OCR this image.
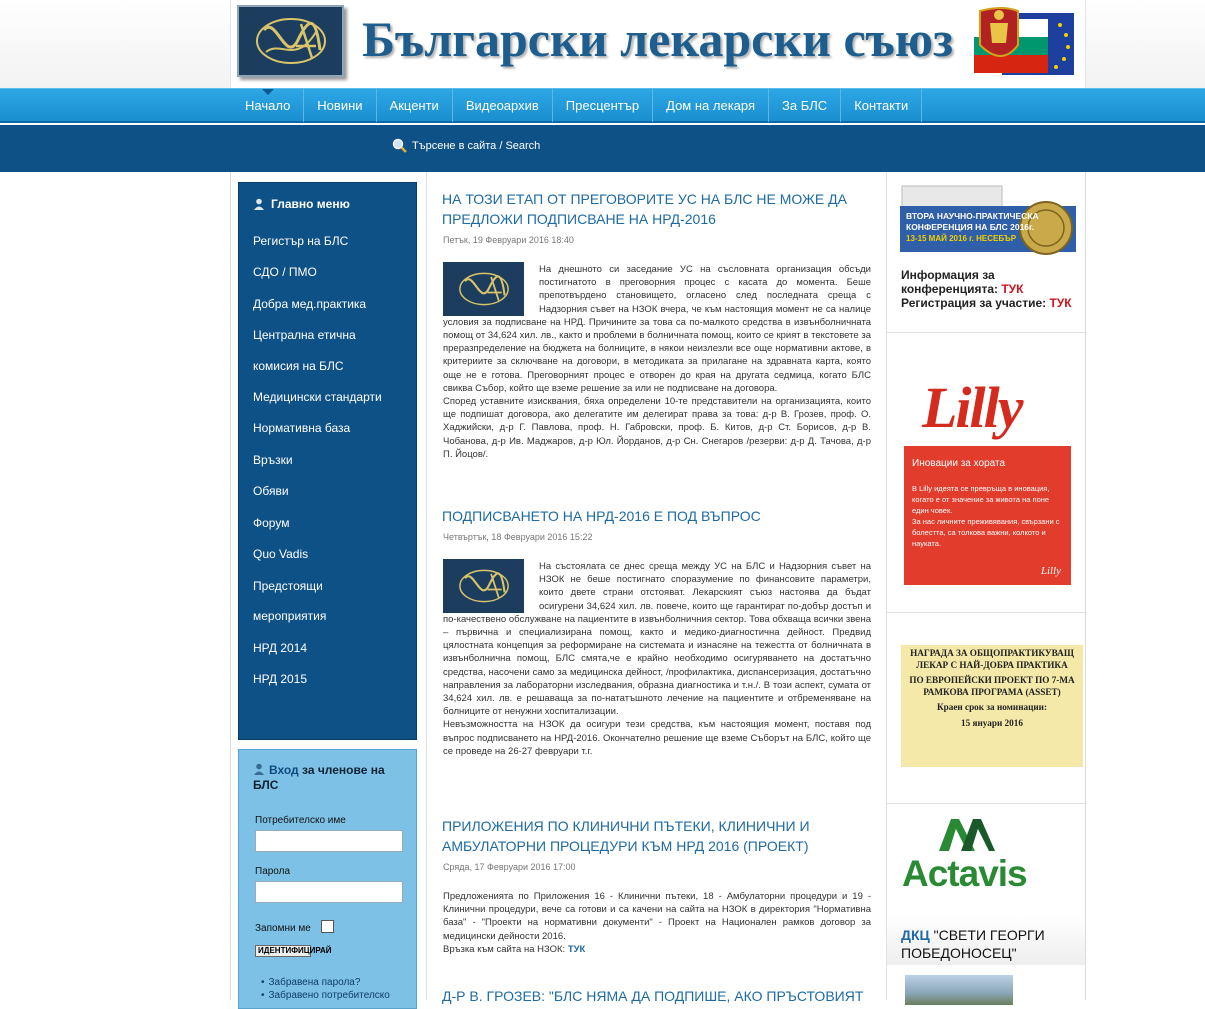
Български лекарски съюз
Начало	Новини	Акценти	Видеоархив	Пресцентър	Дом на лекаря	За БЛС	Контакти
Търсене в сайта / Search
Главно меню
Регистър на БЛС
СДО / ПМО
Добра мед.практика
Централна етична
комисия на БЛС
Медицински стандарти
Нормативна база
Връзки
Обяви
Форум
Quo Vadis
Предстоящи
мероприятия
НРД 2014
НРД 2015
Вход за членове на БЛС
Потребителско име
Парола
Запомни ме
ИДЕНТИФИЦИРАЙ
• Забравена парола?
• Забравено потребителско
НА ТОЗИ ЕТАП ОТ ПРЕГОВОРИТЕ УС НА БЛС НЕ МОЖЕ ДА ПРЕДЛОЖИ ПОДПИСВАНЕ НА НРД-2016
Петък, 19 Февруари 2016 18:40
На днешното си заседание УС на съсловната организация обсъди постигнатото в преговорния процес с касата до момента. Беше препотвърдено становището, огласено след последната среща с Надзорния съвет на НЗОК вчера, че към настоящия момент не са налице условия за подписване на НРД. Причините за това са по-малкото средства в извънболничната помощ от 34,624 хил. лв., както и проблеми в болничната помощ, които се крият в текстовете за преразпределение на бюджета на болниците, в някои неизлезли все още нормативни актове, в критериите за сключване на договори, в методиката за прилагане на здравната карта, която още не е готова. Преговорният процес е отворен до края на другата седмица, когато БЛС свиква Събор, който ще вземе решение за или не подписване на договора.
Според уставните изисквания, бяха определени 10-те представители на организацията, които ще подпишат договора, ако делегатите им делегират права за това: д-р В. Грозев, проф. О. Хаджийски, д-р Г. Павлова, проф. Н. Габровски, проф. Б. Китов, д-р Ст. Борисов, д-р В. Чобанова, д-р Ив. Маджаров, д-р Юл. Йорданов, д-р Сн. Снегаров /резерви: д-р Д. Тачова, д-р П. Йоцов/.
ПОДПИСВАНЕТО НА НРД-2016 Е ПОД ВЪПРОС
Четвъртък, 18 Февруари 2016 15:22
На състоялата се днес среща между УС на БЛС и Надзорния съвет на НЗОК не беше постигнато споразумение по финансовите параметри, които двете страни отстояват. Лекарският съюз настоява да бъдат осигурени 34,624 хил. лв. повече, които ще гарантират по-добър достъп и по-качествено обслужване на пациентите в извънболничния сектор. Това обхваща всички звена – първична и специализирана помощ, както и медико-диагностична дейност. Предвид цялостната концепция за реформиране на системата и изнасяне на тежестта от болничната в извънболнична помощ, БЛС смята,че е крайно необходимо осигуряването на достатъчно средства, насочени само за медицинска дейност, /профилактика, диспансеризация, достатъчно направления за лабораторни изследвания, образна диагностика и т.н./. В този аспект, сумата от 34,624 хил. лв. е решаваща за по-нататъшното лечение на пациентите и отбременяване на болниците от ненужни хоспитализации.
Невъзможността на НЗОК да осигури тези средства, към настоящия момент, поставя под въпрос подписването на НРД-2016. Окончателно решение ще вземе Съборът на БЛС, който ще се проведе на 26-27 февруари т.г.
ПРИЛОЖЕНИЯ ПО КЛИНИЧНИ ПЪТЕКИ, КЛИНИЧНИ И АМБУЛАТОРНИ ПРОЦЕДУРИ КЪМ НРД 2016 (ПРОЕКТ)
Сряда, 17 Февруари 2016 17:00
Предложенията по Приложения 16 - Клинични пътеки, 18 - Амбулаторни процедури и 19 - Клинични процедури, вече са готови и са качени на сайта на НЗОК в директория "Нормативна база" - "Проекти на нормативни документи" - Проект на Национален рамков договор за медицински дейности 2016.
Връзка към сайта на НЗОК: ТУК
Д-Р В. ГРОЗЕВ: "БЛС НЯМА ДА ПОДПИШЕ, АКО ПРЪСТОВИЯТ
ВТОРА НАУЧНО-ПРАКТИЧЕСКА
КОНФЕРЕНЦИЯ НА БЛС 2016г.
13-15 МАЙ 2016 г. НЕСЕБЪР
Информация за конференцията: ТУК
Регистрация за участие: ТУК
Lilly
Иновации за хората
В Lilly идеята се превръща в иновация, когато е от значение за живота на поне един човек.
За нас личните преживявания, свързани с болестта, са толкова важни, колкото и науката.
Lilly

НАГРАДА ЗА ОБЩОПРАКТИКУВАЩ ЛЕКАР С НАЙ-ДОБРА ПРАКТИКА

ПО ЕВРОПЕЙСКИ ПРОЕКТ ПО 7-МА РАМКОВА ПРОГРАМА (ASSET)

Краен срок за номинации:

15 януари 2016

Actavis
ДКЦ "СВЕТИ ГЕОРГИ ПОБЕДОНОСЕЦ"
